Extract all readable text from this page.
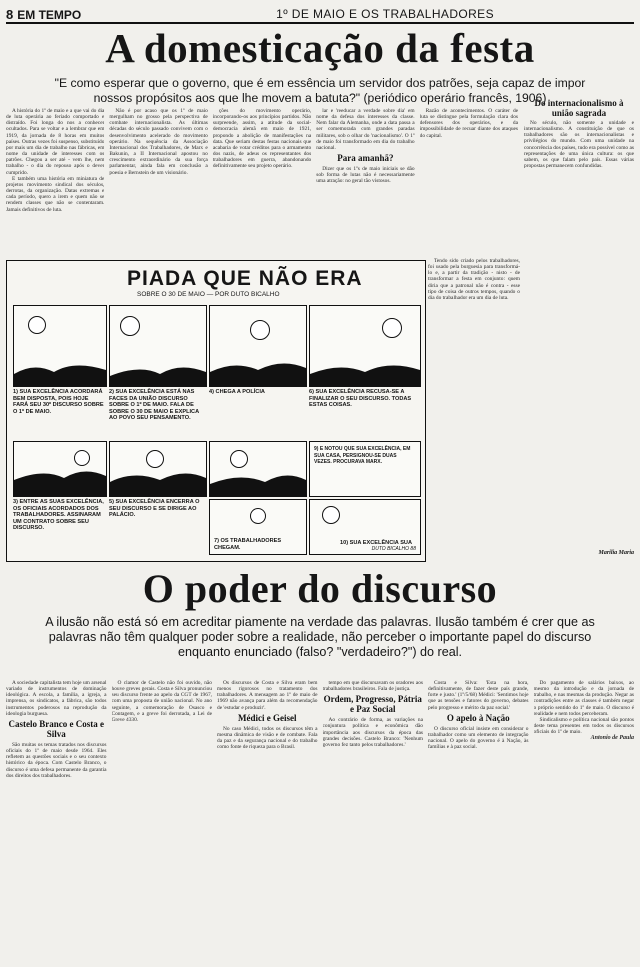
8 EM TEMPO	1º DE MAIO E OS TRABALHADORES
A domesticação da festa
"E como esperar que o governo, que é em essência um servidor dos patrões, seja capaz de impor nossos propósitos aos que lhe movem a batuta?" (periódico operário francês, 1906)

A história do 1º de maio e a que vai do dia de luta operária ao feriado comportado e distraído. Foi longa do nos a conhecer ocultados. Para se voltar e a lembrar que em 1919, da jornada de 8 horas em muitos países. Outras vezes foi suspenso, substituído por mais um dia de trabalho nas fábricas, em nome da unidade de interesses com os patrões. Chegou a ser até - vem lhe, nem trabalho - o dia do repouso após o dever cumprido.

E também uma história em miniatura de projetos movimento sindical dos séculos, derrotas, da organização. Datas extremas e cada período, quero a irem e quem não se rendem classes que não se contentaram. Jamais definitivos de luta.

Não é por acaso que os 1º de maio mergulham no grosso pela perspectiva de combate internacionalista. As últimas décadas do século passado convivem com o desenvolvimento acelerado do movimento operário. Na sequência da Associação Internacional dos Trabalhadores, de Marx e Bakunin, a II Internacional apostou no crescimento extraordinário da sua força parlamentar, ainda fala em conclusão a poesia e Bernstein de um visionário.

ções do movimento operário, incorporando-os aos princípios partidos. Não surpreende, assim, a atitude da social-democracia alemã em maio de 1921, propondo a abolição de manifestações na data. Que seriam destas festas nacionais que acabaria de votar créditos para o armamento dos nazis, de adeus os representantes dos trabalhadores em guerra, abandonando definitivamente seu projeto operário.

lar e 'reeducar a verdade sobre dia' em nome da defesa dos interesses da classe. Nem falar da Alemanha, onde a data passa a ser comemorada com grandes paradas militares, sob o olhar do 'nacionalismo'. O 1º de maio foi transformado em dia do trabalho nacional.

Para amanhã?

Dizer que os 1ºs de maio iniciais se dão sob forma de lutas não é necessariamente uma atração: no geral tão vistosos.

Razão de acontecimentos. O caráter de luta se distingue pela formulação clara dos defensores dos operários, e da impossibilidade de recuar diante dos ataques do capital.

Tendo sido criado pelos trabalhadores, foi usado pela burguesia para transformá-lo e, a partir da tradição - nisto - de transformar a festa em conjunto: quem diria que a patronal não é contra - esse tipo de coisa de outros tempos, quando o dia do trabalhador era um dia de luta.

Do internacionalismo à união sagrada

No século, não somente a unidade e internacionalismo. A constituição de que os trabalhadores são os internacionalistas e privilégios do mundo. Com uma unidade na concorrência dos países, tudo era possível como as representações de uma única cultura: os que sabem, os que falam pelo país. Essas várias propostas permanecem confundidas.

Marilia Maria
PIADA QUE NÃO ERA
SOBRE O 30 DE MAIO — POR DUTO BICALHO
1) SUA EXCELÊNCIA ACORDARÁ BEM DISPOSTA, POIS HOJE FARÁ SEU 30º DISCURSO SOBRE O 1º DE MAIO.
2) SUA EXCELÊNCIA ESTÁ NAS FACES DA UNIÃO DISCURSO SOBRE O 1º DE MAIO. FALA DE SOBRE O 30 DE MAIO E EXPLICA AO POVO SEU PENSAMENTO.
4) CHEGA A POLÍCIA	6) SUA EXCELÊNCIA RECUSA-SE A FINALIZAR O SEU DISCURSO. TODAS ESTAS COISAS.
9) E NOTOU QUE SUA EXCELÊNCIA, EM SUA CASA, PERSIGNOU-SE DUAS VEZES. PROCURAVA MARX.
3) ENTRE AS SUAS EXCELÊNCIA, OS OFICIAIS ACORDADOS DOS TRABALHADORES. ASSINARAM UM CONTRATO SOBRE SEU DISCURSO.
5) SUA EXCELÊNCIA ENCERRA O SEU DISCURSO E SE DIRIGE AO PALÁCIO.
7) OS TRABALHADORES CHEGAM.
10) SUA EXCELÊNCIA SUA
DUTO BICALHO 88
O poder do discurso
A ilusão não está só em acreditar piamente na verdade das palavras. Ilusão também é crer que as palavras não têm qualquer poder sobre a realidade, não perceber o importante papel do discurso enquanto enunciado (falso? "verdadeiro?") do real.

A sociedade capitalista tem hoje um arsenal variado de instrumentos de dominação ideológica. A escola, a família, a igreja, a imprensa, os sindicatos, a fábrica, são todos instrumentos poderosos na reprodução da ideologia burguesa.

Castelo Branco e Costa e Silva

São muitas os temas tratados nos discursos oficiais do 1º de maio desde 1964. Eles refletem as questões sociais e o seu contexto histórico da época. Com Castelo Branco, o discurso é uma defesa permanente da garantia dos direitos dos trabalhadores.

O clamor de Castelo não foi ouvido, não houve greves gerais. Costa e Silva pronunciou seu discurso frente ao apelo da CGT de 1967, com uma proposta de união nacional. No ano seguinte, a comemoração de Osasco e Contagem, e a greve foi derrotada, a Lei de Greve 4330.

Os discursos de Costa e Silva eram bem menos rigorosos no tratamento dos trabalhadores. A mensagem ao 1º de maio de 1969 não avança para além da recomendação de 'estudar e produzir'.

Médici e Geisel

No caso Médici, todos os discursos têm a mesma dinâmica de visão e de combate. Fala da paz e da segurança nacional e do trabalho como fonte de riqueza para o Brasil.

tempo em que discursavam os oradores aos trabalhadores brasileiros. Fala de justiça.

Ordem, Progresso, Pátria e Paz Social

Ao contrário de forma, as variações na conjuntura política e econômica dão importância aos discursos da época das grandes decisões. Castelo Branco: 'Nenhum governo fez tanto pelos trabalhadores.'

Costa e Silva: 'Esta na hora, definitivamente, de fazer deste país grande, forte e justo.' (1º/5/68) Médici: 'Sentimos hoje que as tensões e fatores do governo, debates pelo progresso e mérito da paz social.'

O apelo à Nação

O discurso oficial insiste em considerar o trabalhador como um elemento de integração nacional. O apelo do governo é à Nação, às famílias e à paz social.

Do pagamento de salários baixos, ao mesmo da introdução e da jornada de trabalho, e nas mesmas da produção. Negar as contradições entre as classes é também negar o próprio sentido do 1º de maio. O discurso é realidade e nem todos perceberam.

Sindicalismo e política nacional são pontos deste tema presentes em todos os discursos oficiais do 1º de maio.

Antonio de Paula
